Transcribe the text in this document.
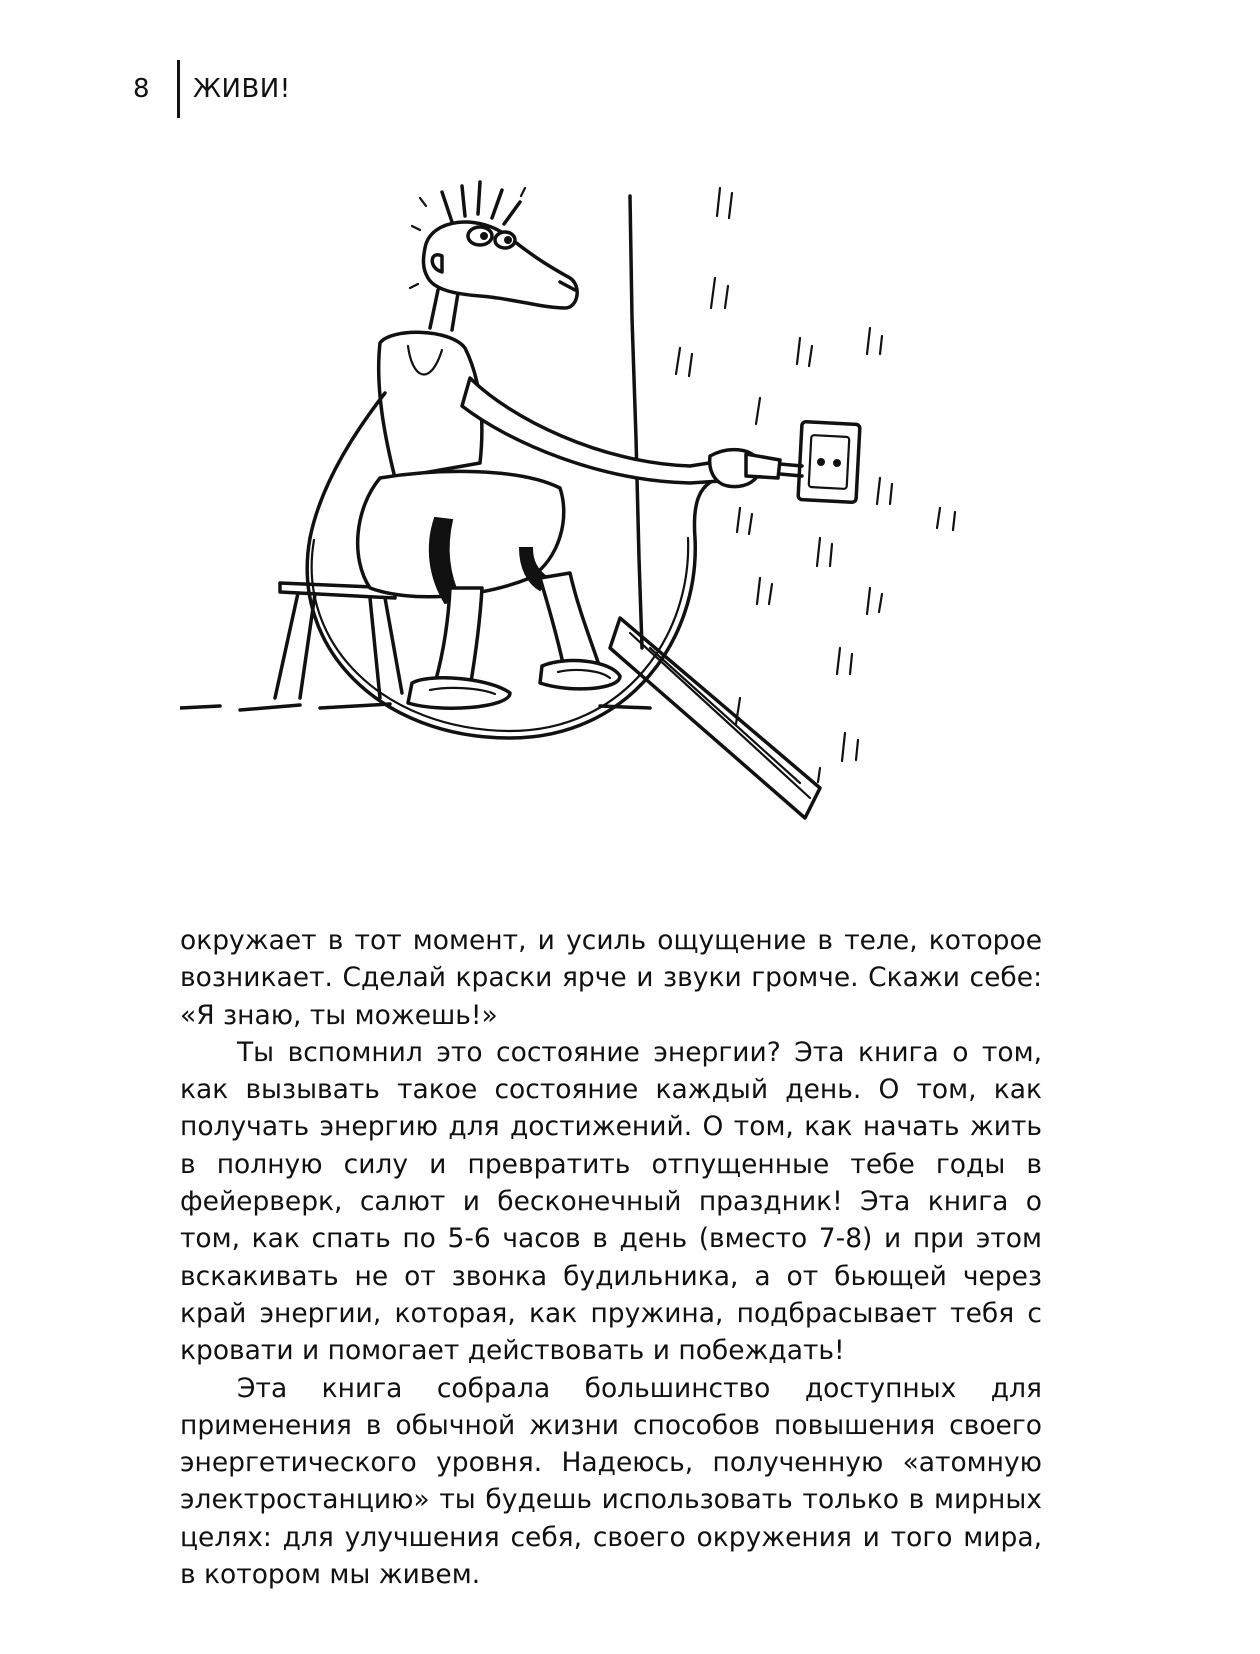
8 ЖИВИ!

окружает в тот момент, и усиль ощущение в теле, которое возникает. Сделай краски ярче и звуки громче. Скажи себе: «Я знаю, ты можешь!»

Ты вспомнил это состояние энергии? Эта книга о том, как вызывать такое состояние каждый день. О том, как получать энергию для достижений. О том, как начать жить в полную силу и превратить отпущенные тебе годы в фейерверк, салют и бесконечный праздник! Эта книга о том, как спать по 5-6 часов в день (вместо 7-8) и при этом вскакивать не от звонка будильника, а от бьющей через край энергии, которая, как пружина, подбрасывает тебя с кровати и помогает действовать и побеждать!

Эта книга собрала большинство доступных для применения в обычной жизни способов повышения своего энергетического уровня. Надеюсь, полученную «атомную электростанцию» ты будешь использовать только в мирных целях: для улучшения себя, своего окружения и того мира, в котором мы живем.
